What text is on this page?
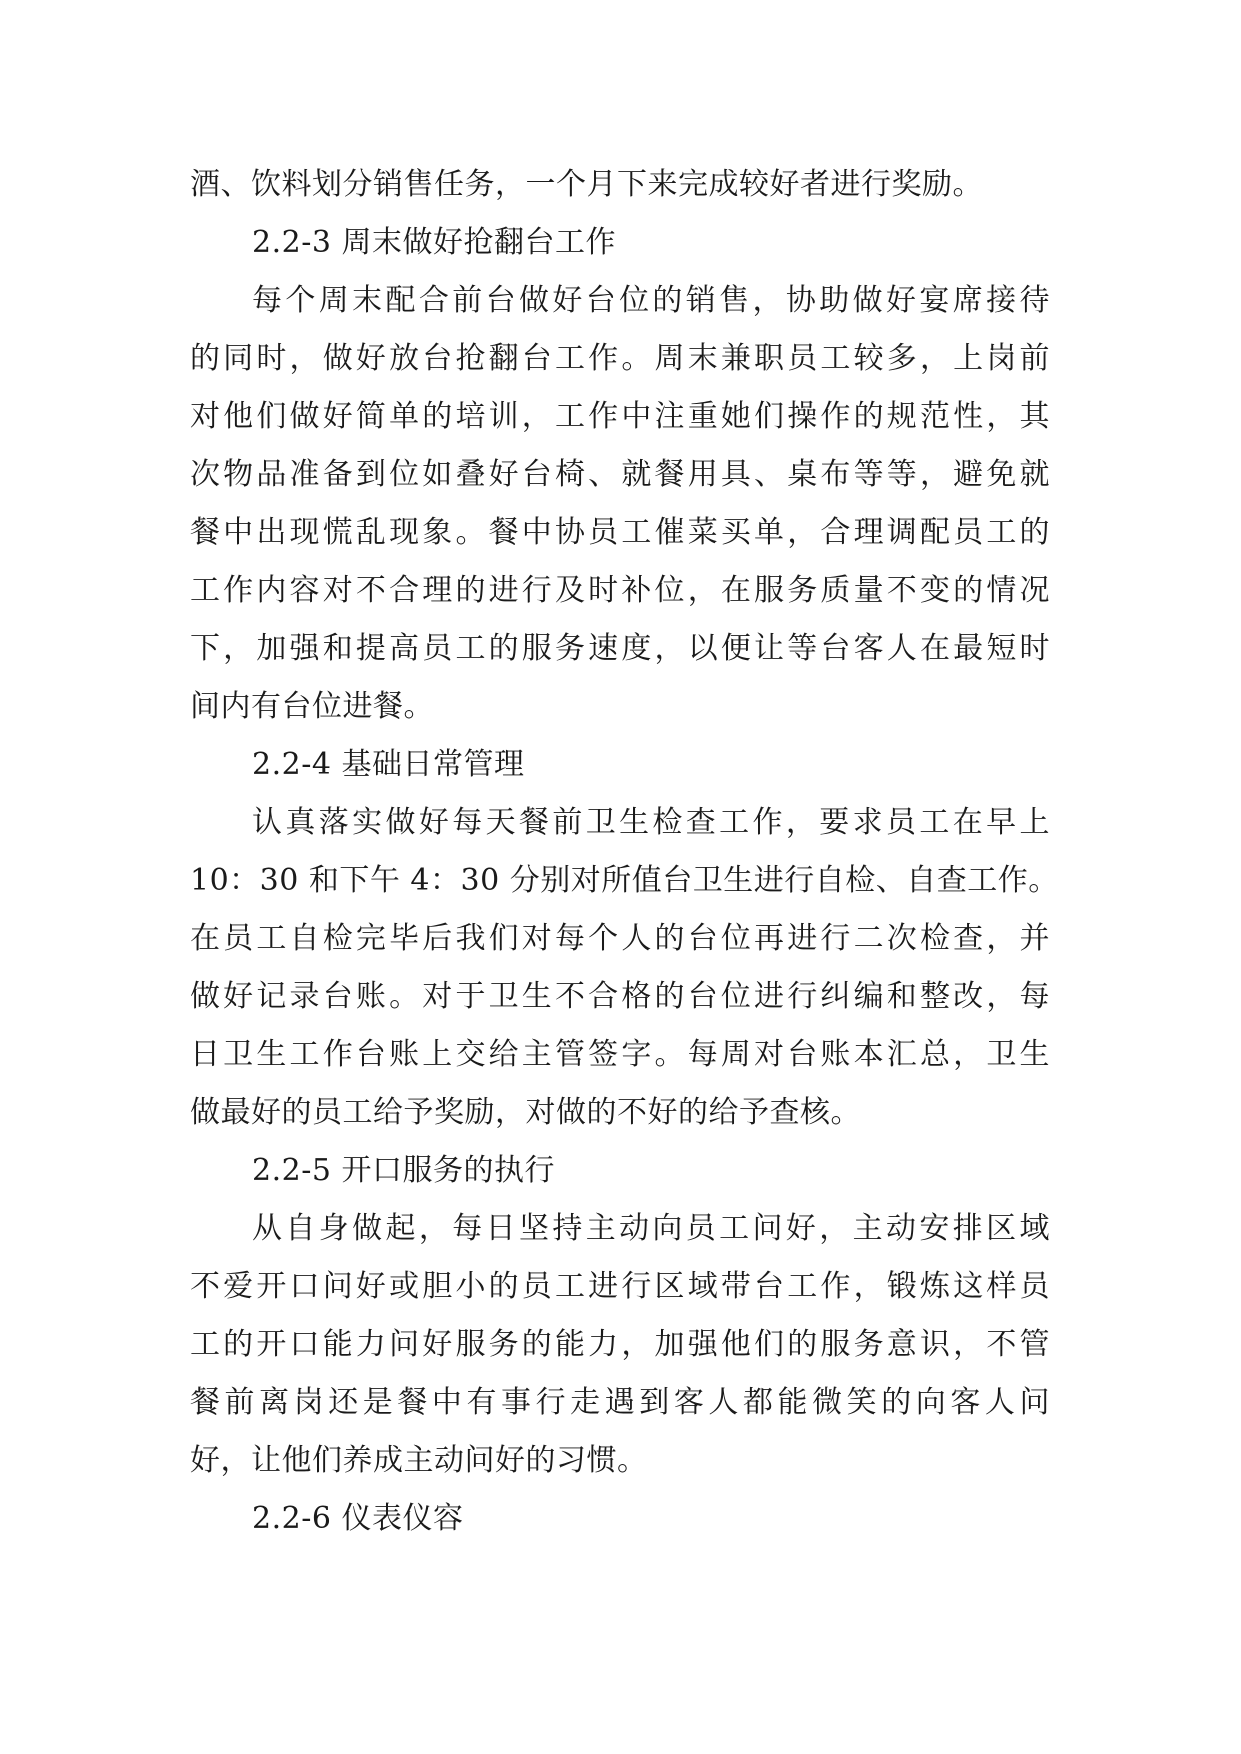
酒、饮料划分销售任务，一个月下来完成较好者进行奖励。
2.2-3 周末做好抢翻台工作
每个周末配合前台做好台位的销售，协助做好宴席接待
的同时，做好放台抢翻台工作。周末兼职员工较多，上岗前
对他们做好简单的培训，工作中注重她们操作的规范性，其
次物品准备到位如叠好台椅、就餐用具、桌布等等，避免就
餐中出现慌乱现象。餐中协员工催菜买单，合理调配员工的
工作内容对不合理的进行及时补位，在服务质量不变的情况
下，加强和提高员工的服务速度，以便让等台客人在最短时
间内有台位进餐。
2.2-4 基础日常管理
认真落实做好每天餐前卫生检查工作，要求员工在早上
10：30 和下午 4：30 分别对所值台卫生进行自检、自查工作。
在员工自检完毕后我们对每个人的台位再进行二次检查，并
做好记录台账。对于卫生不合格的台位进行纠编和整改，每
日卫生工作台账上交给主管签字。每周对台账本汇总，卫生
做最好的员工给予奖励，对做的不好的给予查核。
2.2-5 开口服务的执行
从自身做起，每日坚持主动向员工问好，主动安排区域
不爱开口问好或胆小的员工进行区域带台工作，锻炼这样员
工的开口能力问好服务的能力，加强他们的服务意识，不管
餐前离岗还是餐中有事行走遇到客人都能微笑的向客人问
好，让他们养成主动问好的习惯。
2.2-6 仪表仪容
